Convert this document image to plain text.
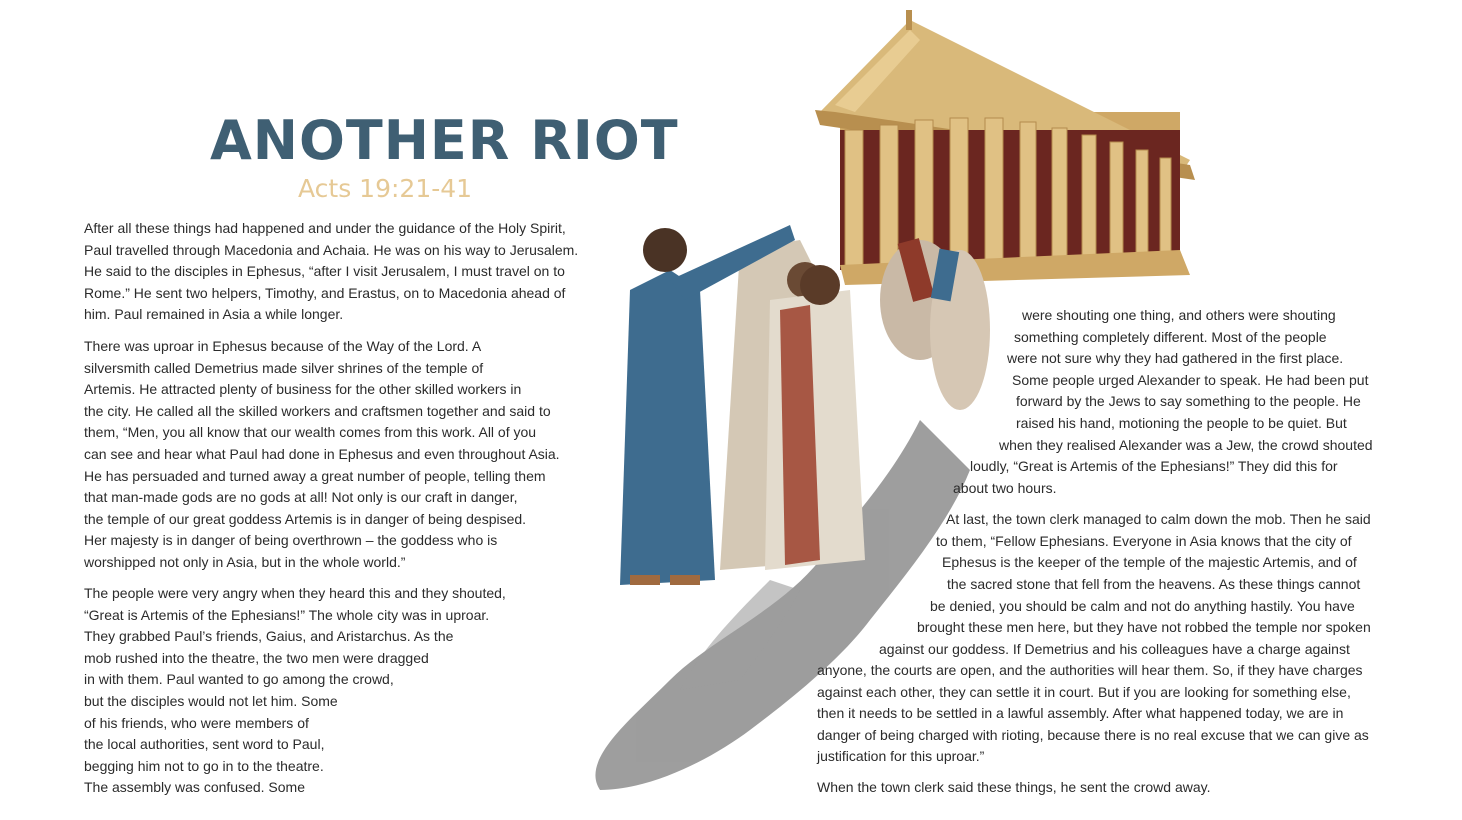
ANOTHER RIOT
Acts 19:21-41
After all these things had happened and under the guidance of the Holy Spirit,
Paul travelled through Macedonia and Achaia. He was on his way to Jerusalem.
He said to the disciples in Ephesus, “after I visit Jerusalem, I must travel on to
Rome.” He sent two helpers, Timothy, and Erastus, on to Macedonia ahead of
him. Paul remained in Asia a while longer.
There was uproar in Ephesus because of the Way of the Lord. A
silversmith called Demetrius made silver shrines of the temple of
Artemis. He attracted plenty of business for the other skilled workers in
the city. He called all the skilled workers and craftsmen together and said to
them, “Men, you all know that our wealth comes from this work. All of you
can see and hear what Paul had done in Ephesus and even throughout Asia.
He has persuaded and turned away a great number of people, telling them
that man-made gods are no gods at all! Not only is our craft in danger,
the temple of our great goddess Artemis is in danger of being despised.
Her majesty is in danger of being overthrown – the goddess who is
worshipped not only in Asia, but in the whole world.”
The people were very angry when they heard this and they shouted,
“Great is Artemis of the Ephesians!” The whole city was in uproar.
They grabbed Paul’s friends, Gaius, and Aristarchus. As the
mob rushed into the theatre, the two men were dragged
in with them. Paul wanted to go among the crowd,
but the disciples would not let him. Some
of his friends, who were members of
the local authorities, sent word to Paul,
begging him not to go in to the theatre.
The assembly was confused. Some
were shouting one thing, and others were shouting
something completely different. Most of the people
were not sure why they had gathered in the first place.
Some people urged Alexander to speak. He had been put
forward by the Jews to say something to the people. He
raised his hand, motioning the people to be quiet. But
when they realised Alexander was a Jew, the crowd shouted
loudly, “Great is Artemis of the Ephesians!” They did this for
about two hours.
At last, the town clerk managed to calm down the mob. Then he said
to them, “Fellow Ephesians. Everyone in Asia knows that the city of
Ephesus is the keeper of the temple of the majestic Artemis, and of
the sacred stone that fell from the heavens. As these things cannot
be denied, you should be calm and not do anything hastily. You have
brought these men here, but they have not robbed the temple nor spoken
against our goddess. If Demetrius and his colleagues have a charge against
anyone, the courts are open, and the authorities will hear them. So, if they have charges
against each other, they can settle it in court. But if you are looking for something else,
then it needs to be settled in a lawful assembly. After what happened today, we are in
danger of being charged with rioting, because there is no real excuse that we can give as
justification for this uproar.”
When the town clerk said these things, he sent the crowd away.
